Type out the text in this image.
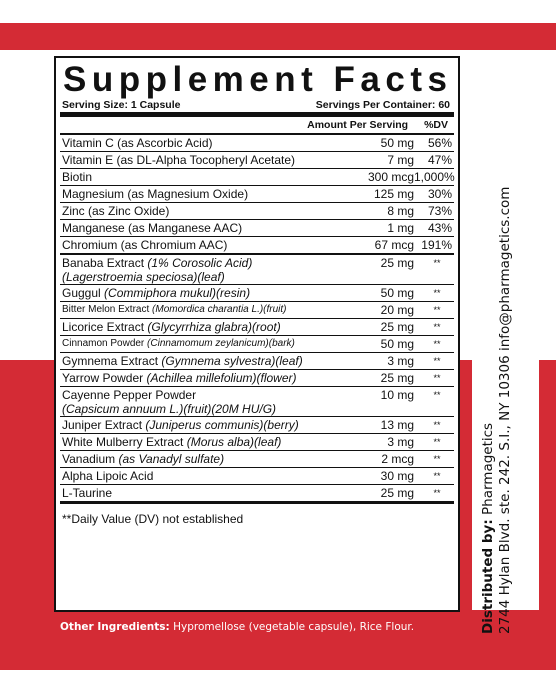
Supplement Facts
Serving Size: 1 Capsule	Servings Per Container: 60
Amount Per Serving %DV
Vitamin C (as Ascorbic Acid)	50 mg	56%
Vitamin E (as DL-Alpha Tocopheryl Acetate)	7 mg	47%
Biotin	300 mcg 1,000%
Magnesium (as Magnesium Oxide)	125 mg	30%
Zinc (as Zinc Oxide)	8 mg	73%
Manganese (as Manganese AAC)	1 mg	43%
Chromium (as Chromium AAC)	67 mcg 191%
Banaba Extract (1% Corosolic Acid)
(Lagerstroemia speciosa)(leaf)
25 mg	**
Guggul (Commiphora mukul)(resin)	50 mg	**
Bitter Melon Extract (Momordica charantia L.)(fruit)	20 mg	**
Licorice Extract (Glycyrrhiza glabra)(root)	25 mg	**
Cinnamon Powder (Cinnamomum zeylanicum)(bark)	50 mg	**
Gymnema Extract (Gymnema sylvestra)(leaf)	3 mg	**
Yarrow Powder (Achillea millefolium)(flower)	25 mg	**
Cayenne Pepper Powder
(Capsicum annuum L.)(fruit)(20M HU/G)
10 mg	**
Juniper Extract (Juniperus communis)(berry)	13 mg	**
White Mulberry Extract (Morus alba)(leaf)	3 mg	**
Vanadium (as Vanadyl sulfate)	2 mcg	**
Alpha Lipoic Acid	30 mg	**
L-Taurine	25 mg	**
**Daily Value (DV) not established
Other Ingredients: Hypromellose (vegetable capsule), Rice Flour.	Distributed by: Pharmagetics 2744 Hylan Blvd. ste. 242. S.I., NY 10306 info@pharmagetics.com
